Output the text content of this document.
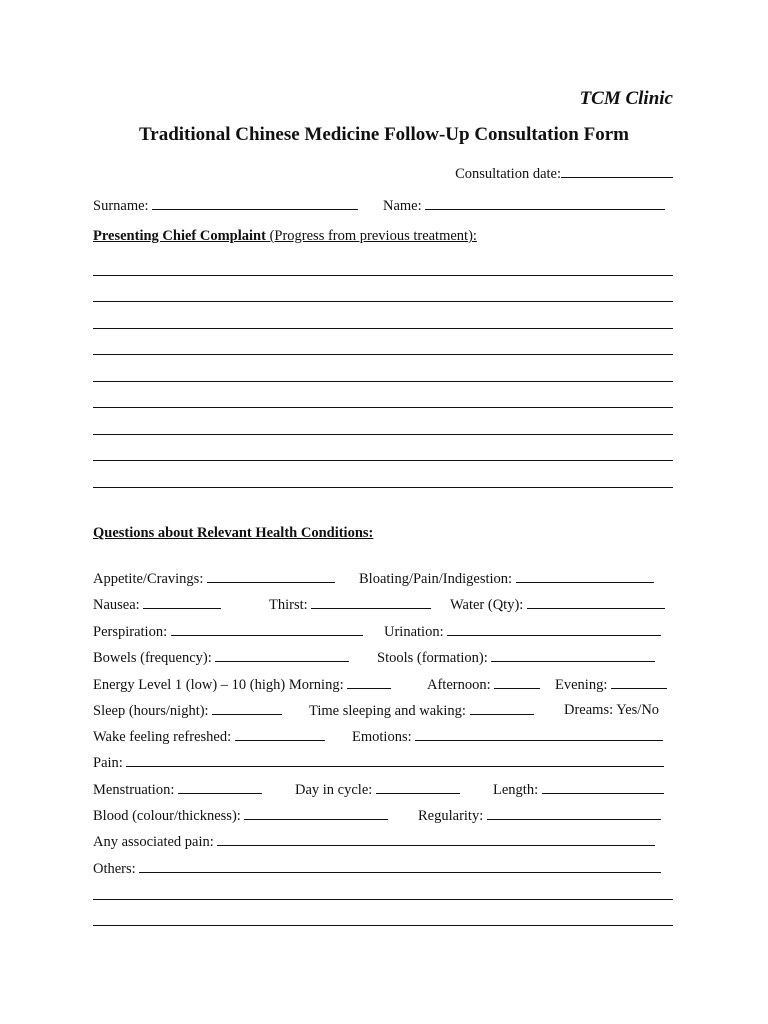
TCM Clinic
Traditional Chinese Medicine Follow-Up Consultation Form
Consultation date:
Surname:	Name:
Presenting Chief Complaint (Progress from previous treatment):
Questions about Relevant Health Conditions:
Appetite/Cravings:	Bloating/Pain/Indigestion:
Nausea:	Thirst:	Water (Qty):
Perspiration:	Urination:
Bowels (frequency):	Stools (formation):
Energy Level 1 (low) – 10 (high) Morning:	Afternoon:	Evening:
Sleep (hours/night):	Time sleeping and waking:	Dreams: Yes/No
Wake feeling refreshed:	Emotions:
Pain:
Menstruation:	Day in cycle:	Length:
Blood (colour/thickness):	Regularity:
Any associated pain:
Others:
